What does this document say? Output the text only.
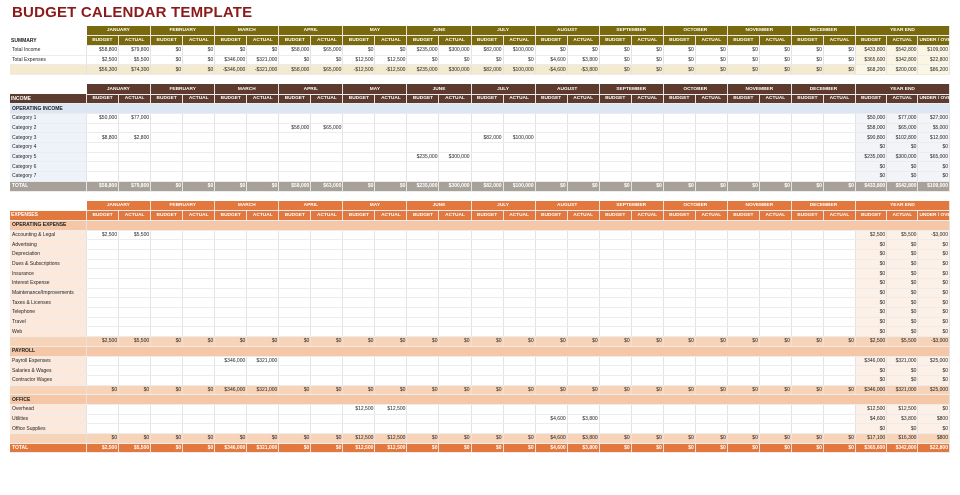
BUDGET CALENDAR TEMPLATE
	JANUARY		FEBRUARY		MARCH		APRIL		MAY		JUNE		JULY		AUGUST		SEPTEMBER		OCTOBER		NOVEMBER		DECEMBER		YEAR END		
SUMMARY	BUDGET	ACTUAL	BUDGET	ACTUAL	BUDGET	ACTUAL	BUDGET	ACTUAL	BUDGET	ACTUAL	BUDGET	ACTUAL	BUDGET	ACTUAL	BUDGET	ACTUAL	BUDGET	ACTUAL	BUDGET	ACTUAL	BUDGET	ACTUAL	BUDGET	ACTUAL	BUDGET	ACTUAL	UNDER / OVER
Total Income	$58,800	$79,800	$0	$0	$0	$0	$58,000	$65,000	$0	$0	$235,000	$300,000	$82,000	$100,000	$0	$0	$0	$0	$0	$0	$0	$0	$0	$0	$433,800	$542,800	$109,000
Total Expenses	$2,500	$5,500	$0	$0	$346,000	$321,000	$0	$0	$12,500	$12,500	$0	$0	$0	$0	$4,600	$3,800	$0	$0	$0	$0	$0	$0	$0	$0	$365,600	$342,800	$22,800
	$56,300	$74,300	$0	$0	-$346,000	-$321,000	$58,000	$65,000	-$12,500	-$12,500	$235,000	$300,000	$82,000	$100,000	-$4,600	-$3,800	$0	$0	$0	$0	$0	$0	$0	$0	$68,200	$200,000	$86,200

	JANUARY		FEBRUARY		MARCH		APRIL		MAY		JUNE		JULY		AUGUST		SEPTEMBER		OCTOBER		NOVEMBER		DECEMBER		YEAR END		
INCOME	BUDGET	ACTUAL	BUDGET	ACTUAL	BUDGET	ACTUAL	BUDGET	ACTUAL	BUDGET	ACTUAL	BUDGET	ACTUAL	BUDGET	ACTUAL	BUDGET	ACTUAL	BUDGET	ACTUAL	BUDGET	ACTUAL	BUDGET	ACTUAL	BUDGET	ACTUAL	BUDGET	ACTUAL	UNDER / OVER
OPERATING INCOME																											
Category 1	$50,000	$77,000																							$50,000	$77,000	$27,000
Category 2							$58,000	$65,000																	$58,000	$65,000	$5,000
Category 3	$8,800	$2,800											$82,000	$100,000											$90,800	$102,800	$12,000
Category 4																									$0	$0	$0
Category 5											$235,000	$300,000													$235,000	$300,000	$65,000
Category 6																									$0	$0	$0
Category 7																									$0	$0	$0
TOTAL	$58,800	$79,800	$0	$0	$0	$0	$58,000	$63,000	$0	$0	$235,000	$300,000	$82,000	$100,000	$0	$0	$0	$0	$0	$0	$0	$0	$0	$0	$433,800	$542,800	$109,000

	JANUARY		FEBRUARY		MARCH		APRIL		MAY		JUNE		JULY		AUGUST		SEPTEMBER		OCTOBER		NOVEMBER		DECEMBER		YEAR END		
EXPENSES	BUDGET	ACTUAL	BUDGET	ACTUAL	BUDGET	ACTUAL	BUDGET	ACTUAL	BUDGET	ACTUAL	BUDGET	ACTUAL	BUDGET	ACTUAL	BUDGET	ACTUAL	BUDGET	ACTUAL	BUDGET	ACTUAL	BUDGET	ACTUAL	BUDGET	ACTUAL	BUDGET	ACTUAL	UNDER / OVER
OPERATING EXPENSE																											
Accounting & Legal	$2,500	$5,500																							$2,500	$5,500	-$3,000
Advertising																									$0	$0	$0
Depreciation																									$0	$0	$0
Dues & Subscriptions																									$0	$0	$0
Insurance																									$0	$0	$0
Interest Expense																									$0	$0	$0
Maintenance/Improvements																									$0	$0	$0
Taxes & Licenses																									$0	$0	$0
Telephone																									$0	$0	$0
Travel																									$0	$0	$0
Web																									$0	$0	$0
	$2,500	$5,500	$0	$0	$0	$0	$0	$0	$0	$0	$0	$0	$0	$0	$0	$0	$0	$0	$0	$0	$0	$0	$0	$0	$2,500	$5,500	-$3,000
PAYROLL																											
Payroll Expenses					$346,000	$321,000																			$346,000	$321,000	$25,000
Salaries & Wages																									$0	$0	$0
Contractor Wages																									$0	$0	$0
	$0	$0	$0	$0	$346,000	$321,000	$0	$0	$0	$0	$0	$0	$0	$0	$0	$0	$0	$0	$0	$0	$0	$0	$0	$0	$346,000	$321,000	$25,000
OFFICE																											
Overhead									$12,500	$12,500															$12,500	$12,500	$0
Utilities															$4,600	$3,800									$4,600	$3,800	$800
Office Supplies																									$0	$0	$0
	$0	$0	$0	$0	$0	$0	$0	$0	$12,500	$12,500	$0	$0	$0	$0	$4,600	$3,800	$0	$0	$0	$0	$0	$0	$0	$0	$17,100	$16,300	$800
TOTAL	$2,500	$5,500	$0	$0	$346,000	$321,000	$0	$0	$12,500	$12,500	$0	$0	$0	$0	$4,600	$3,800	$0	$0	$0	$0	$0	$0	$0	$0	$365,600	$342,800	$22,800
